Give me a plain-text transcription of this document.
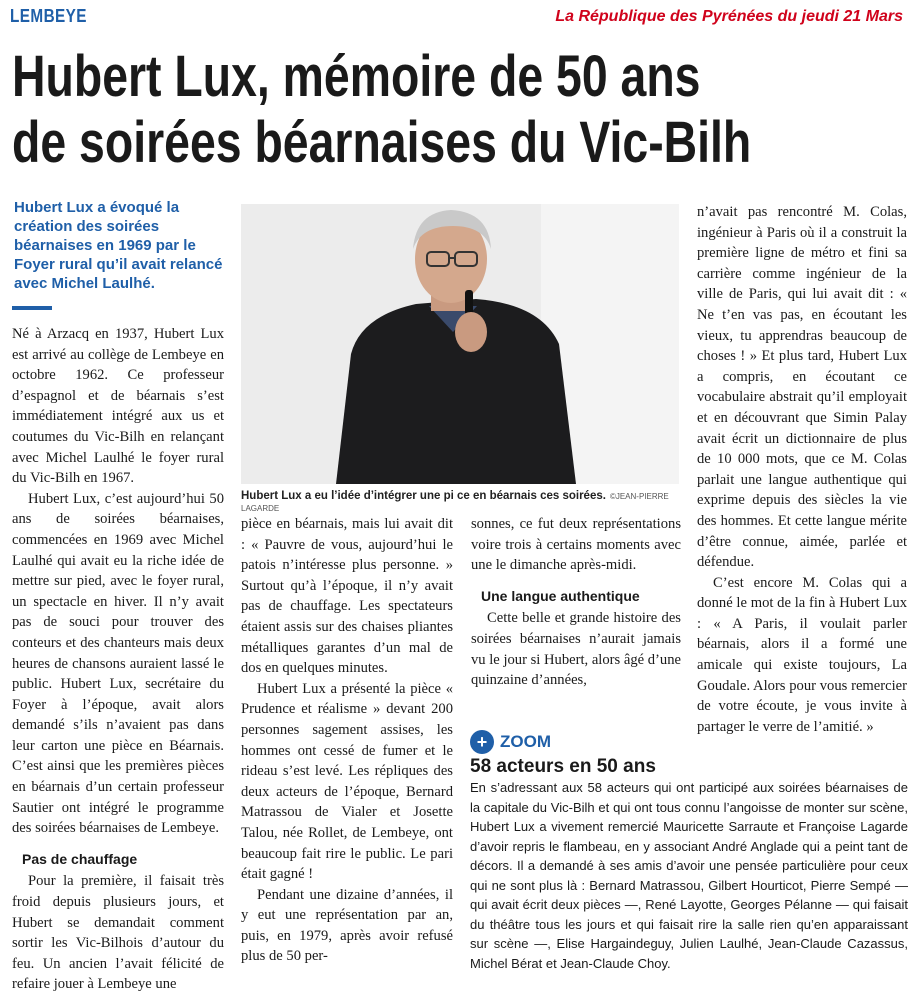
LEMBEYE	La République des Pyrénées du jeudi 21 Mars
Hubert Lux, mémoire de 50 ans
de soirées béarnaises du Vic-Bilh
Hubert Lux a évoqué la création des soirées béarnaises en 1969 par le Foyer rural qu’il avait relancé avec Michel Laulhé.
Hubert Lux a eu l’idée d’intégrer une pi ce en béarnais ces soirées. ©JEAN-PIERRE LAGARDE

Né à Arzacq en 1937, Hubert Lux est arrivé au collège de Lembeye en octobre 1962. Ce professeur d’espagnol et de béarnais s’est immédiatement intégré aux us et coutumes du Vic-Bilh en relançant avec Michel Laulhé le foyer rural du Vic-Bilh en 1967.

Hubert Lux, c’est aujourd’hui 50 ans de soirées béarnaises, commencées en 1969 avec Michel Laulhé qui avait eu la riche idée de mettre sur pied, avec le foyer rural, un spectacle en hiver. Il n’y avait pas de souci pour trouver des conteurs et des chanteurs mais deux heures de chansons auraient lassé le public. Hubert Lux, secrétaire du Foyer à l’époque, avait alors demandé s’ils n’avaient pas dans leur carton une pièce en Béarnais. C’est ainsi que les premières pièces en béarnais d’un certain professeur Sautier ont intégré le programme des soirées béarnaises de Lembeye.

Pas de chauffage

Pour la première, il faisait très froid depuis plusieurs jours, et Hubert se demandait comment sortir les Vic-Bilhois d’autour du feu. Un ancien l’avait félicité de refaire jouer à Lembeye une

pièce en béarnais, mais lui avait dit : « Pauvre de vous, aujourd’hui le patois n’intéresse plus personne. » Surtout qu’à l’époque, il n’y avait pas de chauffage. Les spectateurs étaient assis sur des chaises pliantes métalliques garantes d’un mal de dos en quelques minutes.

Hubert Lux a présenté la pièce « Prudence et réalisme » devant 200 personnes sagement assises, les hommes ont cessé de fumer et le rideau s’est levé. Les répliques des deux acteurs de l’époque, Bernard Matrassou de Vialer et Josette Talou, née Rollet, de Lembeye, ont beaucoup fait rire le public. Le pari était gagné !

Pendant une dizaine d’années, il y eut une représentation par an, puis, en 1979, après avoir refusé plus de 50 per-

sonnes, ce fut deux représentations voire trois à certains moments avec une le dimanche après-midi.

Une langue authentique

Cette belle et grande histoire des soirées béarnaises n’aurait jamais vu le jour si Hubert, alors âgé d’une quinzaine d’années,

n’avait pas rencontré M. Colas, ingénieur à Paris où il a construit la première ligne de métro et fini sa carrière comme ingénieur de la ville de Paris, qui lui avait dit : « Ne t’en vas pas, en écoutant les vieux, tu apprendras beaucoup de choses ! » Et plus tard, Hubert Lux a compris, en écoutant ce vocabulaire abstrait qu’il employait et en découvrant que Simin Palay avait écrit un dictionnaire de plus de 10 000 mots, que ce M. Colas parlait une langue authentique qui exprime depuis des siècles la vie des hommes. Et cette langue mérite d’être connue, aimée, parlée et défendue.

C’est encore M. Colas qui a donné le mot de la fin à Hubert Lux : « A Paris, il voulait parler béarnais, alors il a formé une amicale qui existe toujours, La Goudale. Alors pour vous remercier de votre écoute, je vous invite à partager le verre de l’amitié. »

+ZOOM
58 acteurs en 50 ans
En s’adressant aux 58 acteurs qui ont participé aux soirées béarnaises de la capitale du Vic-Bilh et qui ont tous connu l’angoisse de monter sur scène, Hubert Lux a vivement remercié Mauricette Sarraute et Françoise Lagarde d’avoir repris le flambeau, en y associant André Anglade qui a peint tant de décors. Il a demandé à ses amis d’avoir une pensée particulière pour ceux qui ne sont plus là : Bernard Matrassou, Gilbert Hourticot, Pierre Sempé — qui avait écrit deux pièces —, René Layotte, Georges Pélanne — qui faisait du théâtre tous les jours et qui faisait rire la salle rien qu’en apparaissant sur scène —, Elise Hargaindeguy, Julien Laulhé, Jean-Claude Cazassus, Michel Bérat et Jean-Claude Choy.
